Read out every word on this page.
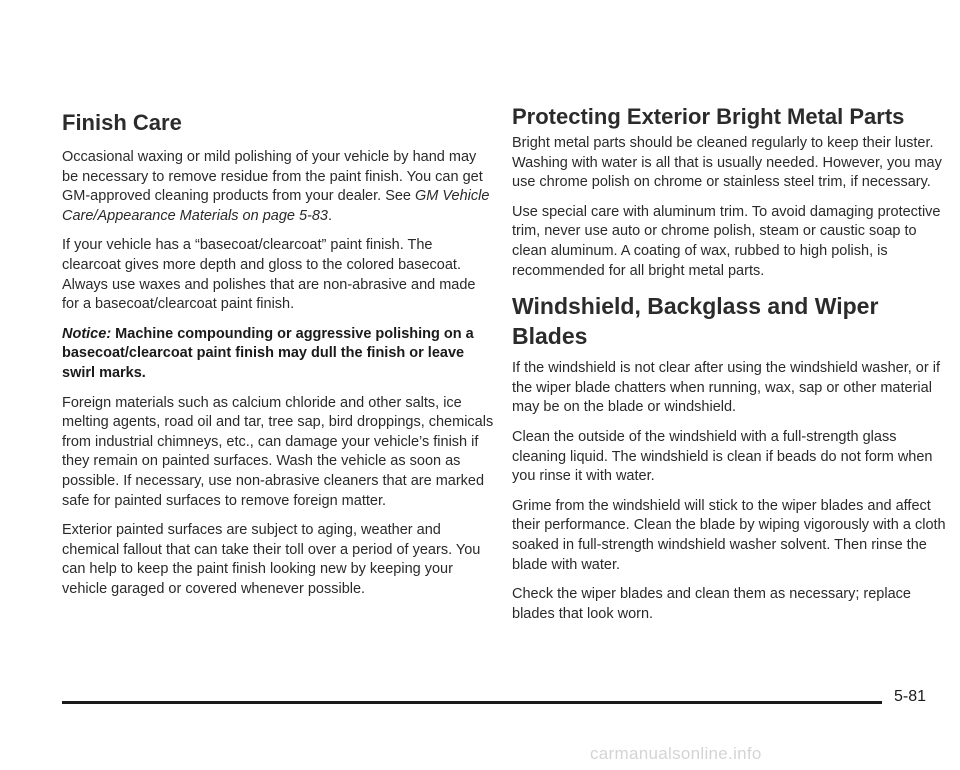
Finish Care

Occasional waxing or mild polishing of your vehicle by hand may be necessary to remove residue from the paint finish. You can get GM-approved cleaning products from your dealer. See GM Vehicle Care/Appearance Materials on page 5-83.

If your vehicle has a “basecoat/clearcoat” paint finish. The clearcoat gives more depth and gloss to the colored basecoat. Always use waxes and polishes that are non-abrasive and made for a basecoat/clearcoat paint finish.

Notice: Machine compounding or aggressive polishing on a basecoat/clearcoat paint finish may dull the finish or leave swirl marks.

Foreign materials such as calcium chloride and other salts, ice melting agents, road oil and tar, tree sap, bird droppings, chemicals from industrial chimneys, etc., can damage your vehicle’s finish if they remain on painted surfaces. Wash the vehicle as soon as possible. If necessary, use non-abrasive cleaners that are marked safe for painted surfaces to remove foreign matter.

Exterior painted surfaces are subject to aging, weather and chemical fallout that can take their toll over a period of years. You can help to keep the paint finish looking new by keeping your vehicle garaged or covered whenever possible.

Protecting Exterior Bright Metal Parts

Bright metal parts should be cleaned regularly to keep their luster. Washing with water is all that is usually needed. However, you may use chrome polish on chrome or stainless steel trim, if necessary.

Use special care with aluminum trim. To avoid damaging protective trim, never use auto or chrome polish, steam or caustic soap to clean aluminum. A coating of wax, rubbed to high polish, is recommended for all bright metal parts.

Windshield, Backglass and Wiper Blades

If the windshield is not clear after using the windshield washer, or if the wiper blade chatters when running, wax, sap or other material may be on the blade or windshield.

Clean the outside of the windshield with a full-strength glass cleaning liquid. The windshield is clean if beads do not form when you rinse it with water.

Grime from the windshield will stick to the wiper blades and affect their performance. Clean the blade by wiping vigorously with a cloth soaked in full-strength windshield washer solvent. Then rinse the blade with water.

Check the wiper blades and clean them as necessary; replace blades that look worn.

5-81
carmanualsonline.info
